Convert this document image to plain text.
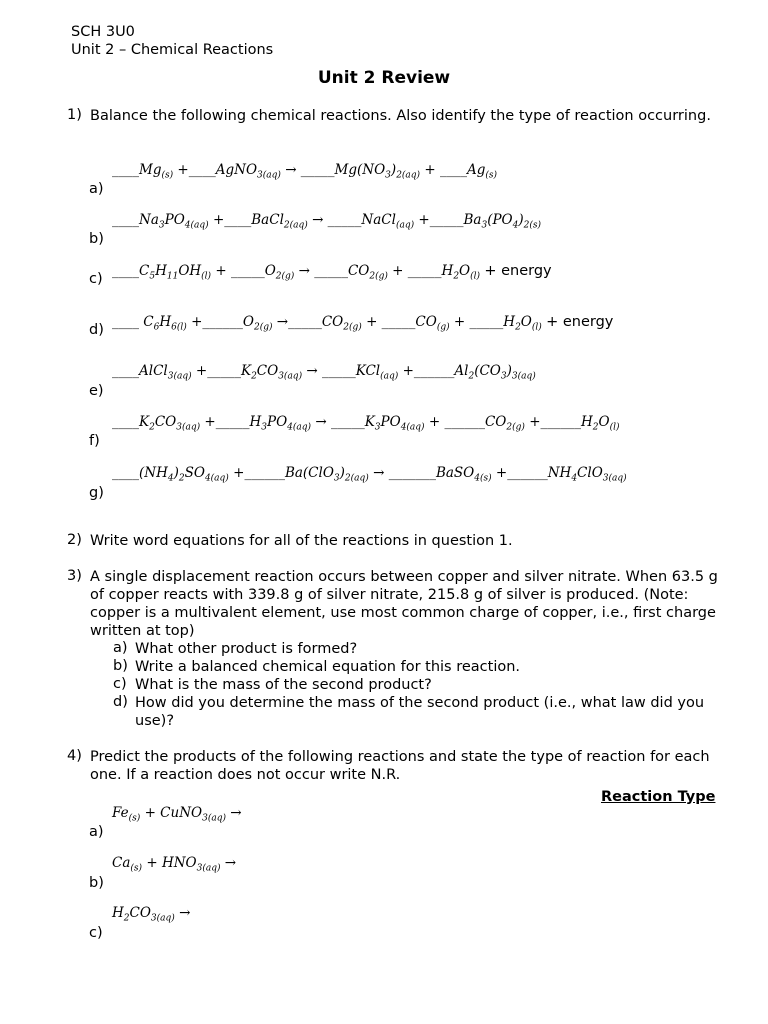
SCH 3U0
Unit 2 – Chemical Reactions
Unit 2 Review
1) Balance the following chemical reactions. Also identify the type of reaction occurring.
$\_\_\_\_Mg_{(s)}$ +____AgNO$_{3(aq)}$ → $\_\_\_\_\_Mg(NO_3)_{2(aq)}$ + $\_\_\_\_Ag_{(s)}$
a)
$\_\_\_\_Na_3PO_{4(aq)}$ +____BaCl$_{2(aq)}$ → _____NaCl$_{(aq)}$ $+\_\_\_\_\_Ba_3(PO_4)_{2(s)}$
b)
c) $\_\_\_\_C_5H_{11}OH_{(l)}$ + $\_\_\_\_\_O_{2(g)}$ → $\_\_\_\_\_CO_{2(g)}$ + $\_\_\_\_\_H_2O_{(l)}$ + energy
d) ____ $C_6H_{6(l)}$ $+\_\_\_\_\_\_O_{2(g)}$ $\to\_\_\_\_\_CO_{2(g)}$ + $\_\_\_\_\_CO_{(g)}$ + $\_\_\_\_\_H_2O_{(l)}$ + energy
____AlCl$_{3(aq)}$ $+\_\_\_\_\_K_2CO_{3(aq)}$ → _____KCl$_{(aq)}$ $+\_\_\_\_\_\_Al_2(CO_3)_{3(aq)}$
e)
$\_\_\_\_K_2CO_{3(aq)}$ $+\_\_\_\_\_H_3PO_{4(aq)}$ → $\_\_\_\_\_K_3PO_{4(aq)}$ + $\_\_\_\_\_\_CO_{2(g)}$ $+\_\_\_\_\_\_H_2O_{(l)}$
f)
$\_\_\_\_(NH_4)_2SO_{4(aq)}$ $+\_\_\_\_\_\_Ba(ClO_3)_{2(aq)}$ → _______BaSO$_{4(s)}$ $+\_\_\_\_\_\_NH_4ClO_{3(aq)}$
g)
2) Write word equations for all of the reactions in question 1.
3) A single displacement reaction occurs between copper and silver nitrate. When 63.5 g of copper reacts with 339.8 g of silver nitrate, 215.8 g of silver is produced. (Note: copper is a multivalent element, use most common charge of copper, i.e., first charge written at top)
a) What other product is formed?
b) Write a balanced chemical equation for this reaction.
c) What is the mass of the second product?
d) How did you determine the mass of the second product (i.e., what law did you use)?
4) Predict the products of the following reactions and state the type of reaction for each one. If a reaction does not occur write N.R.
Reaction Type
$Fe_{(s)}$ + CuNO$_{3(aq)}$ →
a)
$Ca_{(s)} + HNO_{3(aq)}$ →
b)
$H_2CO_{3(aq)}$ →
c)
